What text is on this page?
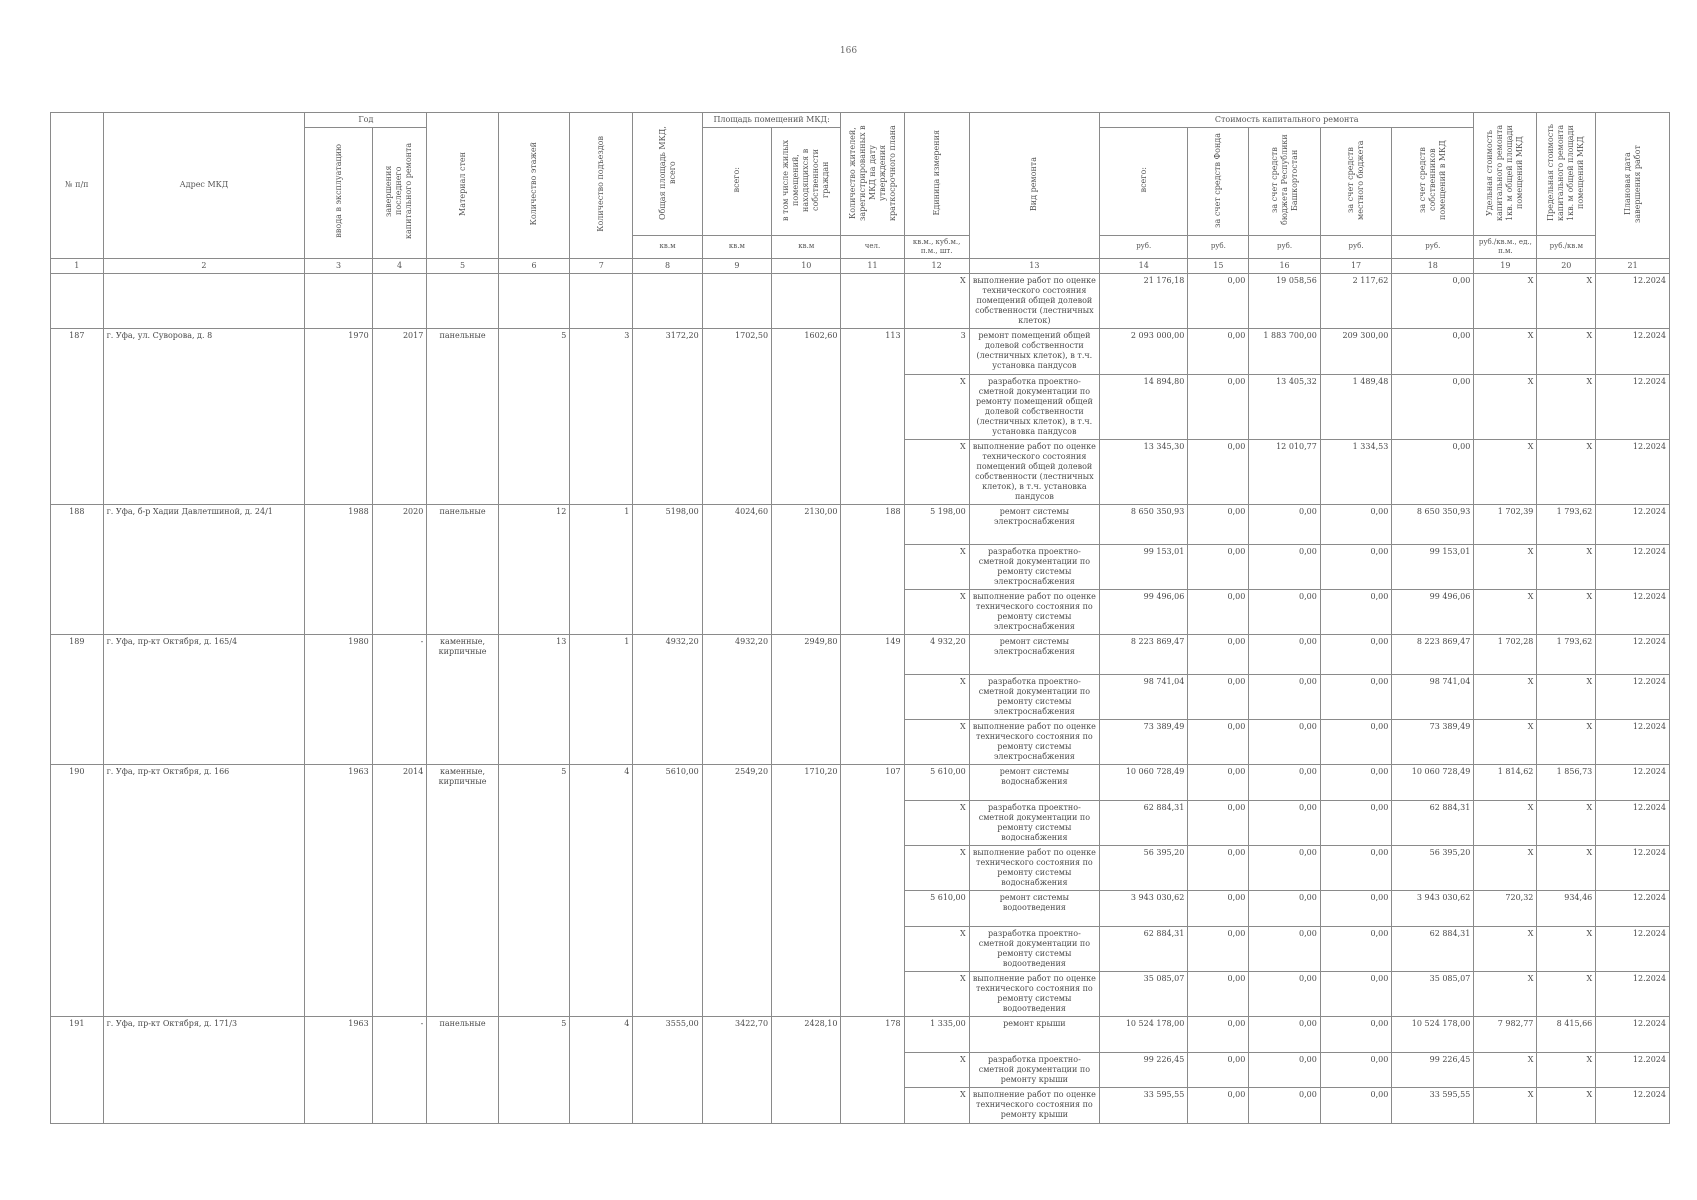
166
№ п/п	Адрес МКД	Год		Материал стен	Количество этажей	Количество подъездов	Общая площадь МКД, всего	Площадь помещений МКД:		Количество жителей, зарегистрированных в МКД на дату утверждения краткосрочного плана	Единица измерения	Вид ремонта	Стоимость капитального ремонта					Удельная стоимость капитального ремонта 1кв. м общей площади помещений МКД	Предельная стоимость капитального ремонта 1кв. м общей площади помещений МКД	Плановая дата завершения работ
		ввода в эксплуатацию	завершения последнего капитального ремонта					всего:	в том числе жилых помещений, находящихся в собственности граждан				всего:	за счет средств Фонда	за счет средств бюджета Республики Башкортостан	за счет средств местного бюджета	за счет средств собственников помещений в МКД			
							кв.м	кв.м	кв.м	чел.	кв.м., куб.м., п.м., шт.		руб.	руб.	руб.	руб.	руб.	руб./кв.м., ед., п.м.	руб./кв.м	
1	2	3	4	5	6	7	8	9	10	11	12	13	14	15	16	17	18	19	20	21
											X	выполнение работ по оценке технического состояния помещений общей долевой собственности (лестничных клеток)	21 176,18	0,00	19 058,56	2 117,62	0,00	X	X	12.2024
187	г. Уфа, ул. Суворова, д. 8	1970	2017	панельные	5	3	3172,20	1702,50	1602,60	113	3	ремонт помещений общей долевой собственности (лестничных клеток), в т.ч. установка пандусов	2 093 000,00	0,00	1 883 700,00	209 300,00	0,00	X	X	12.2024
											X	разработка проектно-сметной документации по ремонту помещений общей долевой собственности (лестничных клеток), в т.ч. установка пандусов	14 894,80	0,00	13 405,32	1 489,48	0,00	X	X	12.2024
											X	выполнение работ по оценке технического состояния помещений общей долевой собственности (лестничных клеток), в т.ч. установка пандусов	13 345,30	0,00	12 010,77	1 334,53	0,00	X	X	12.2024
188	г. Уфа, б-р Хадии Давлетшиной, д. 24/1	1988	2020	панельные	12	1	5198,00	4024,60	2130,00	188	5 198,00	ремонт системы электроснабжения	8 650 350,93	0,00	0,00	0,00	8 650 350,93	1 702,39	1 793,62	12.2024
											X	разработка проектно-сметной документации по ремонту системы электроснабжения	99 153,01	0,00	0,00	0,00	99 153,01	X	X	12.2024
											X	выполнение работ по оценке технического состояния по ремонту системы электроснабжения	99 496,06	0,00	0,00	0,00	99 496,06	X	X	12.2024
189	г. Уфа, пр-кт Октября, д. 165/4	1980	-	каменные, кирпичные	13	1	4932,20	4932,20	2949,80	149	4 932,20	ремонт системы электроснабжения	8 223 869,47	0,00	0,00	0,00	8 223 869,47	1 702,28	1 793,62	12.2024
											X	разработка проектно-сметной документации по ремонту системы электроснабжения	98 741,04	0,00	0,00	0,00	98 741,04	X	X	12.2024
											X	выполнение работ по оценке технического состояния по ремонту системы электроснабжения	73 389,49	0,00	0,00	0,00	73 389,49	X	X	12.2024
190	г. Уфа, пр-кт Октября, д. 166	1963	2014	каменные, кирпичные	5	4	5610,00	2549,20	1710,20	107	5 610,00	ремонт системы водоснабжения	10 060 728,49	0,00	0,00	0,00	10 060 728,49	1 814,62	1 856,73	12.2024
											X	разработка проектно-сметной документации по ремонту системы водоснабжения	62 884,31	0,00	0,00	0,00	62 884,31	X	X	12.2024
											X	выполнение работ по оценке технического состояния по ремонту системы водоснабжения	56 395,20	0,00	0,00	0,00	56 395,20	X	X	12.2024
											5 610,00	ремонт системы водоотведения	3 943 030,62	0,00	0,00	0,00	3 943 030,62	720,32	934,46	12.2024
											X	разработка проектно-сметной документации по ремонту системы водоотведения	62 884,31	0,00	0,00	0,00	62 884,31	X	X	12.2024
											X	выполнение работ по оценке технического состояния по ремонту системы водоотведения	35 085,07	0,00	0,00	0,00	35 085,07	X	X	12.2024
191	г. Уфа, пр-кт Октября, д. 171/3	1963	-	панельные	5	4	3555,00	3422,70	2428,10	178	1 335,00	ремонт крыши	10 524 178,00	0,00	0,00	0,00	10 524 178,00	7 982,77	8 415,66	12.2024
											X	разработка проектно-сметной документации по ремонту крыши	99 226,45	0,00	0,00	0,00	99 226,45	X	X	12.2024
											X	выполнение работ по оценке технического состояния по ремонту крыши	33 595,55	0,00	0,00	0,00	33 595,55	X	X	12.2024
